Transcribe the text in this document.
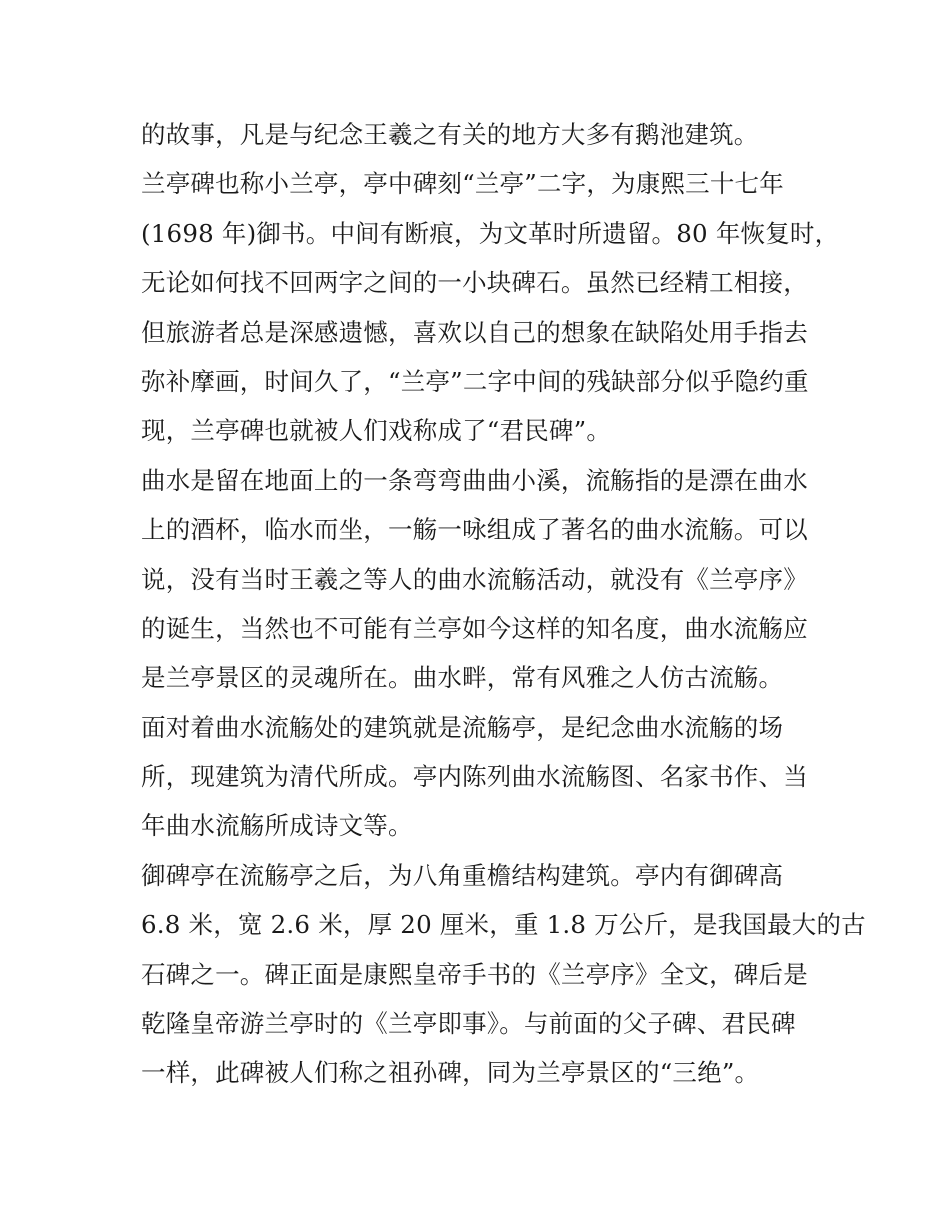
的故事，凡是与纪念王羲之有关的地方大多有鹅池建筑。
兰亭碑也称小兰亭，亭中碑刻“兰亭”二字，为康熙三十七年
(1698 年)御书。中间有断痕，为文革时所遗留。80 年恢复时，
无论如何找不回两字之间的一小块碑石。虽然已经精工相接，
但旅游者总是深感遗憾，喜欢以自己的想象在缺陷处用手指去
弥补摩画，时间久了，“兰亭”二字中间的残缺部分似乎隐约重
现，兰亭碑也就被人们戏称成了“君民碑”。
曲水是留在地面上的一条弯弯曲曲小溪，流觞指的是漂在曲水
上的酒杯，临水而坐，一觞一咏组成了著名的曲水流觞。可以
说，没有当时王羲之等人的曲水流觞活动，就没有《兰亭序》
的诞生，当然也不可能有兰亭如今这样的知名度，曲水流觞应
是兰亭景区的灵魂所在。曲水畔，常有风雅之人仿古流觞。
面对着曲水流觞处的建筑就是流觞亭，是纪念曲水流觞的场
所，现建筑为清代所成。亭内陈列曲水流觞图、名家书作、当
年曲水流觞所成诗文等。
御碑亭在流觞亭之后，为八角重檐结构建筑。亭内有御碑高
6.8 米，宽 2.6 米，厚 20 厘米，重 1.8 万公斤，是我国最大的古
石碑之一。碑正面是康熙皇帝手书的《兰亭序》全文，碑后是
乾隆皇帝游兰亭时的《兰亭即事》。与前面的父子碑、君民碑
一样，此碑被人们称之祖孙碑，同为兰亭景区的“三绝”。
